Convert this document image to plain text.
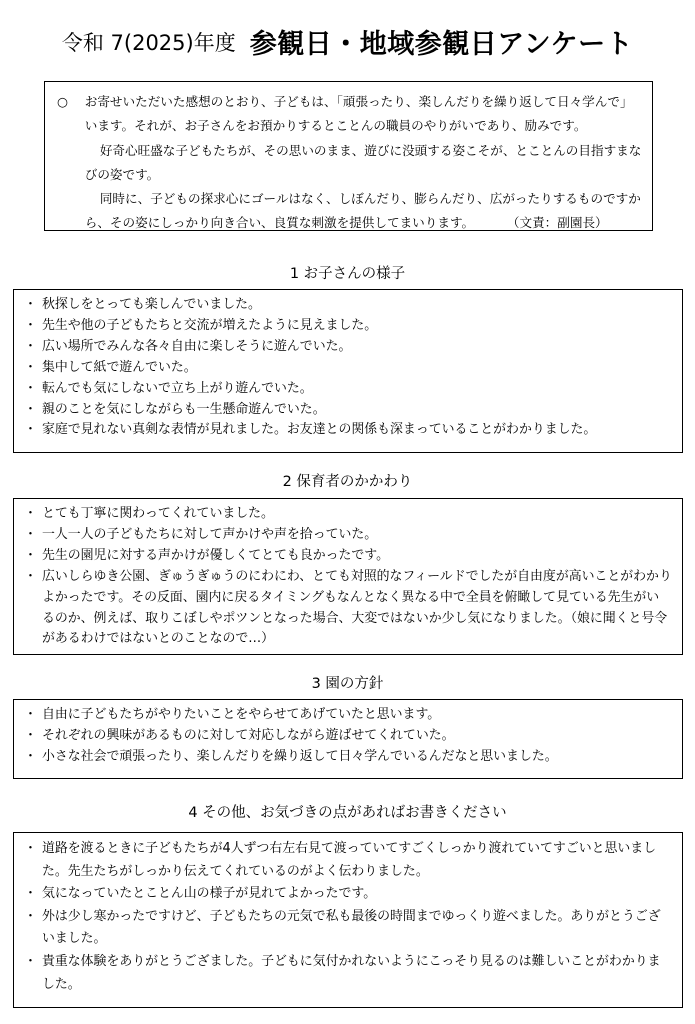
令和 7(2025)年度 参観日・地域参観日アンケート

○ お寄せいただいた感想のとおり、子どもは、「頑張ったり、楽しんだりを繰り返して日々学んで」います。それが、お子さんをお預かりするとことんの職員のやりがいであり、励みです。

好奇心旺盛な子どもたちが、その思いのまま、遊びに没頭する姿こそが、とことんの目指すまなびの姿です。

同時に、子どもの探求心にゴールはなく、しぼんだり、膨らんだり、広がったりするものですから、その姿にしっかり向き合い、良質な刺激を提供してまいります。	（文責：副園長）

1 お子さんの様子
・ 秋探しをとっても楽しんでいました。
・ 先生や他の子どもたちと交流が増えたように見えました。
・ 広い場所でみんな各々自由に楽しそうに遊んでいた。
・ 集中して紙で遊んでいた。
・ 転んでも気にしないで立ち上がり遊んでいた。
・ 親のことを気にしながらも一生懸命遊んでいた。
・ 家庭で見れない真剣な表情が見れました。お友達との関係も深まっていることがわかりました。
2 保育者のかかわり
・ とても丁寧に関わってくれていました。
・ 一人一人の子どもたちに対して声かけや声を拾っていた。
・ 先生の園児に対する声かけが優しくてとても良かったです。
・ 広いしらゆき公園、ぎゅうぎゅうのにわにわ、とても対照的なフィールドでしたが自由度が高いことがわかりよかったです。その反面、園内に戻るタイミングもなんとなく異なる中で全員を俯瞰して見ている先生がいるのか、例えば、取りこぼしやポツンとなった場合、大変ではないか少し気になりました。（娘に聞くと号令があるわけではないとのことなので…）
3 園の方針
・ 自由に子どもたちがやりたいことをやらせてあげていたと思います。
・ それぞれの興味があるものに対して対応しながら遊ばせてくれていた。
・ 小さな社会で頑張ったり、楽しんだりを繰り返して日々学んでいるんだなと思いました。
4 その他、お気づきの点があればお書きください
・ 道路を渡るときに子どもたちが4人ずつ右左右見て渡っていてすごくしっかり渡れていてすごいと思いました。先生たちがしっかり伝えてくれているのがよく伝わりました。
・ 気になっていたとことん山の様子が見れてよかったです。
・ 外は少し寒かったですけど、子どもたちの元気で私も最後の時間までゆっくり遊べました。ありがとうございました。
・ 貴重な体験をありがとうござました。子どもに気付かれないようにこっそり見るのは難しいことがわかりました。
